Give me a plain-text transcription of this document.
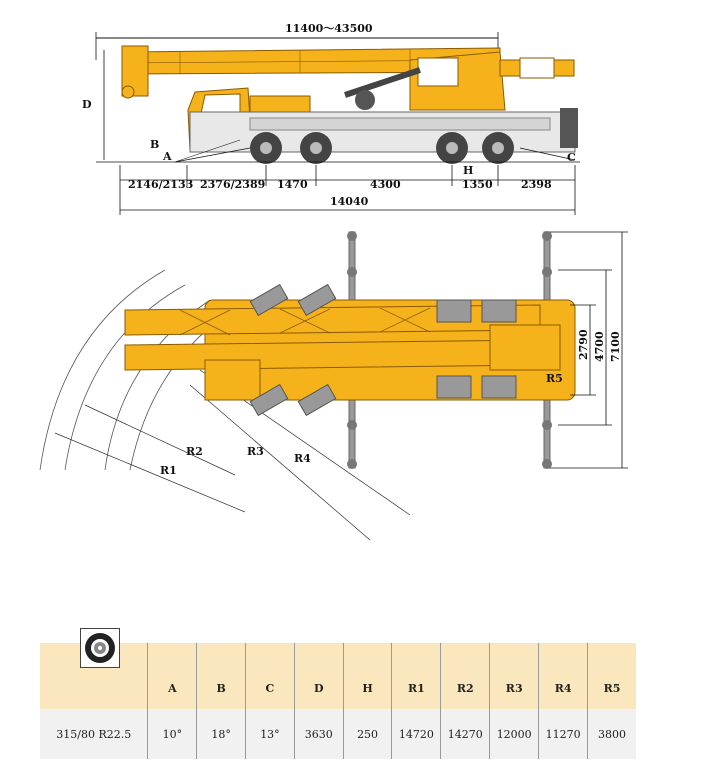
11400～43500
D
B
A	C
H
2146/2133 2376/2389 1470	4300	1350	2398
14040
R1
R2	R3
R4
R5
2790 4700 7100
	A	B	C	D	H	R1	R2	R3	R4	R5
315/80 R22.5	10°	18°	13°	3630	250	14720	14270	12000	11270	3800
